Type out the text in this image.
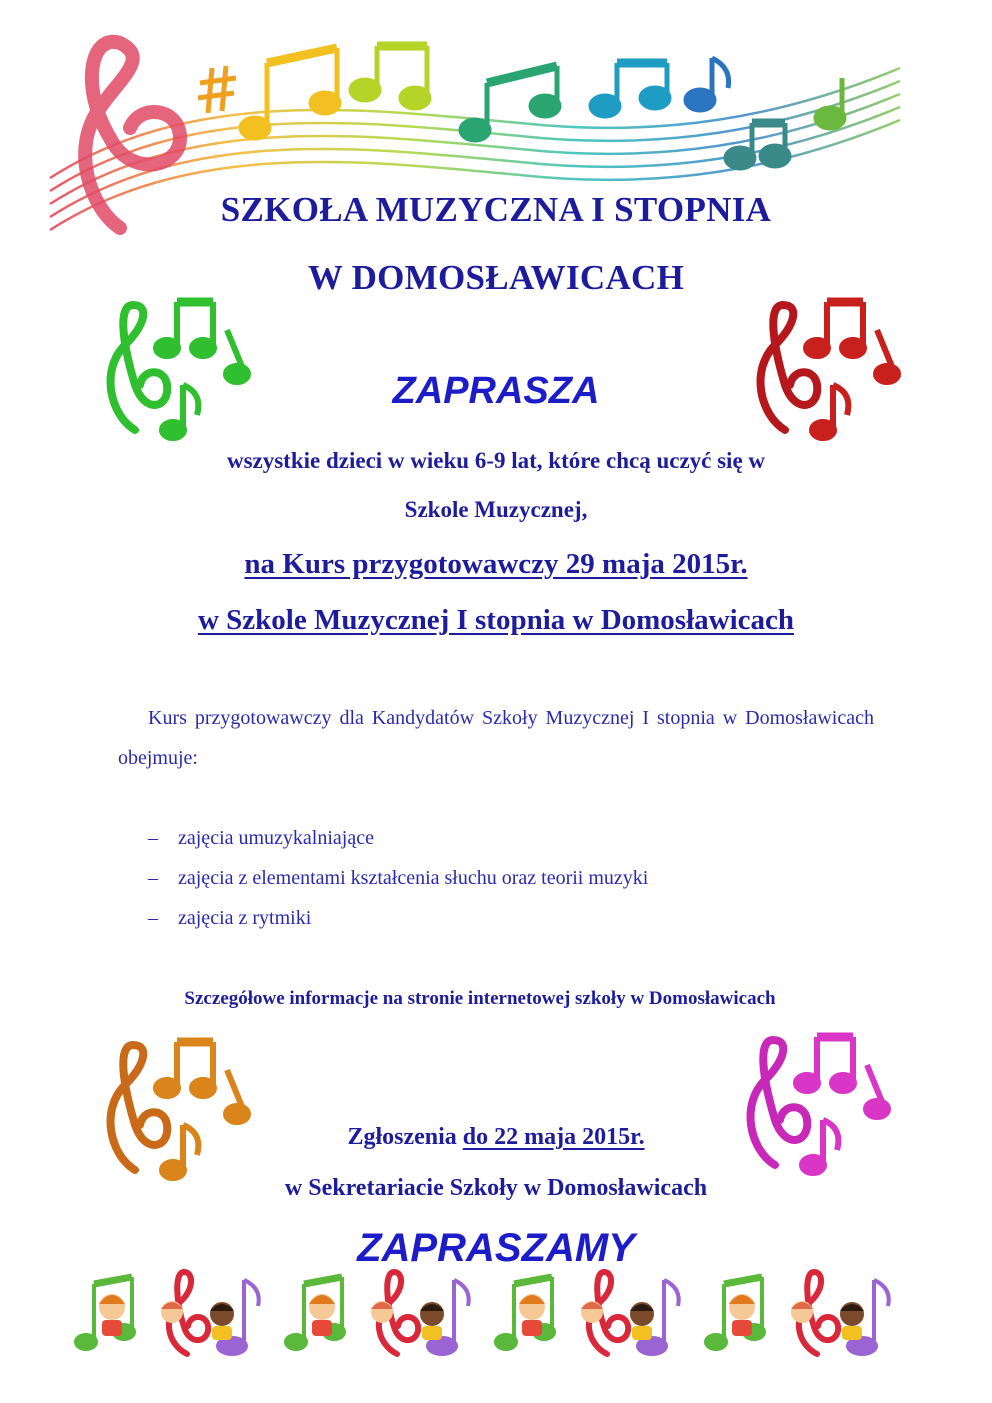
SZKOŁA MUZYCZNA I STOPNIA
W DOMOSŁAWICACH
ZAPRASZA
wszystkie dzieci w wieku 6-9 lat, które chcą uczyć się w
Szkole Muzycznej,
na Kurs przygotowawczy 29 maja 2015r.
w Szkole Muzycznej I stopnia w Domosławicach
Kurs przygotowawczy dla Kandydatów Szkoły Muzycznej I stopnia w Domosławicach obejmuje:
– zajęcia umuzykalniające
– zajęcia z elementami kształcenia słuchu oraz teorii muzyki
– zajęcia z rytmiki
Szczegółowe informacje na stronie internetowej szkoły w Domosławicach
Zgłoszenia do 22 maja 2015r.
w Sekretariacie Szkoły w Domosławicach
ZAPRASZAMY
